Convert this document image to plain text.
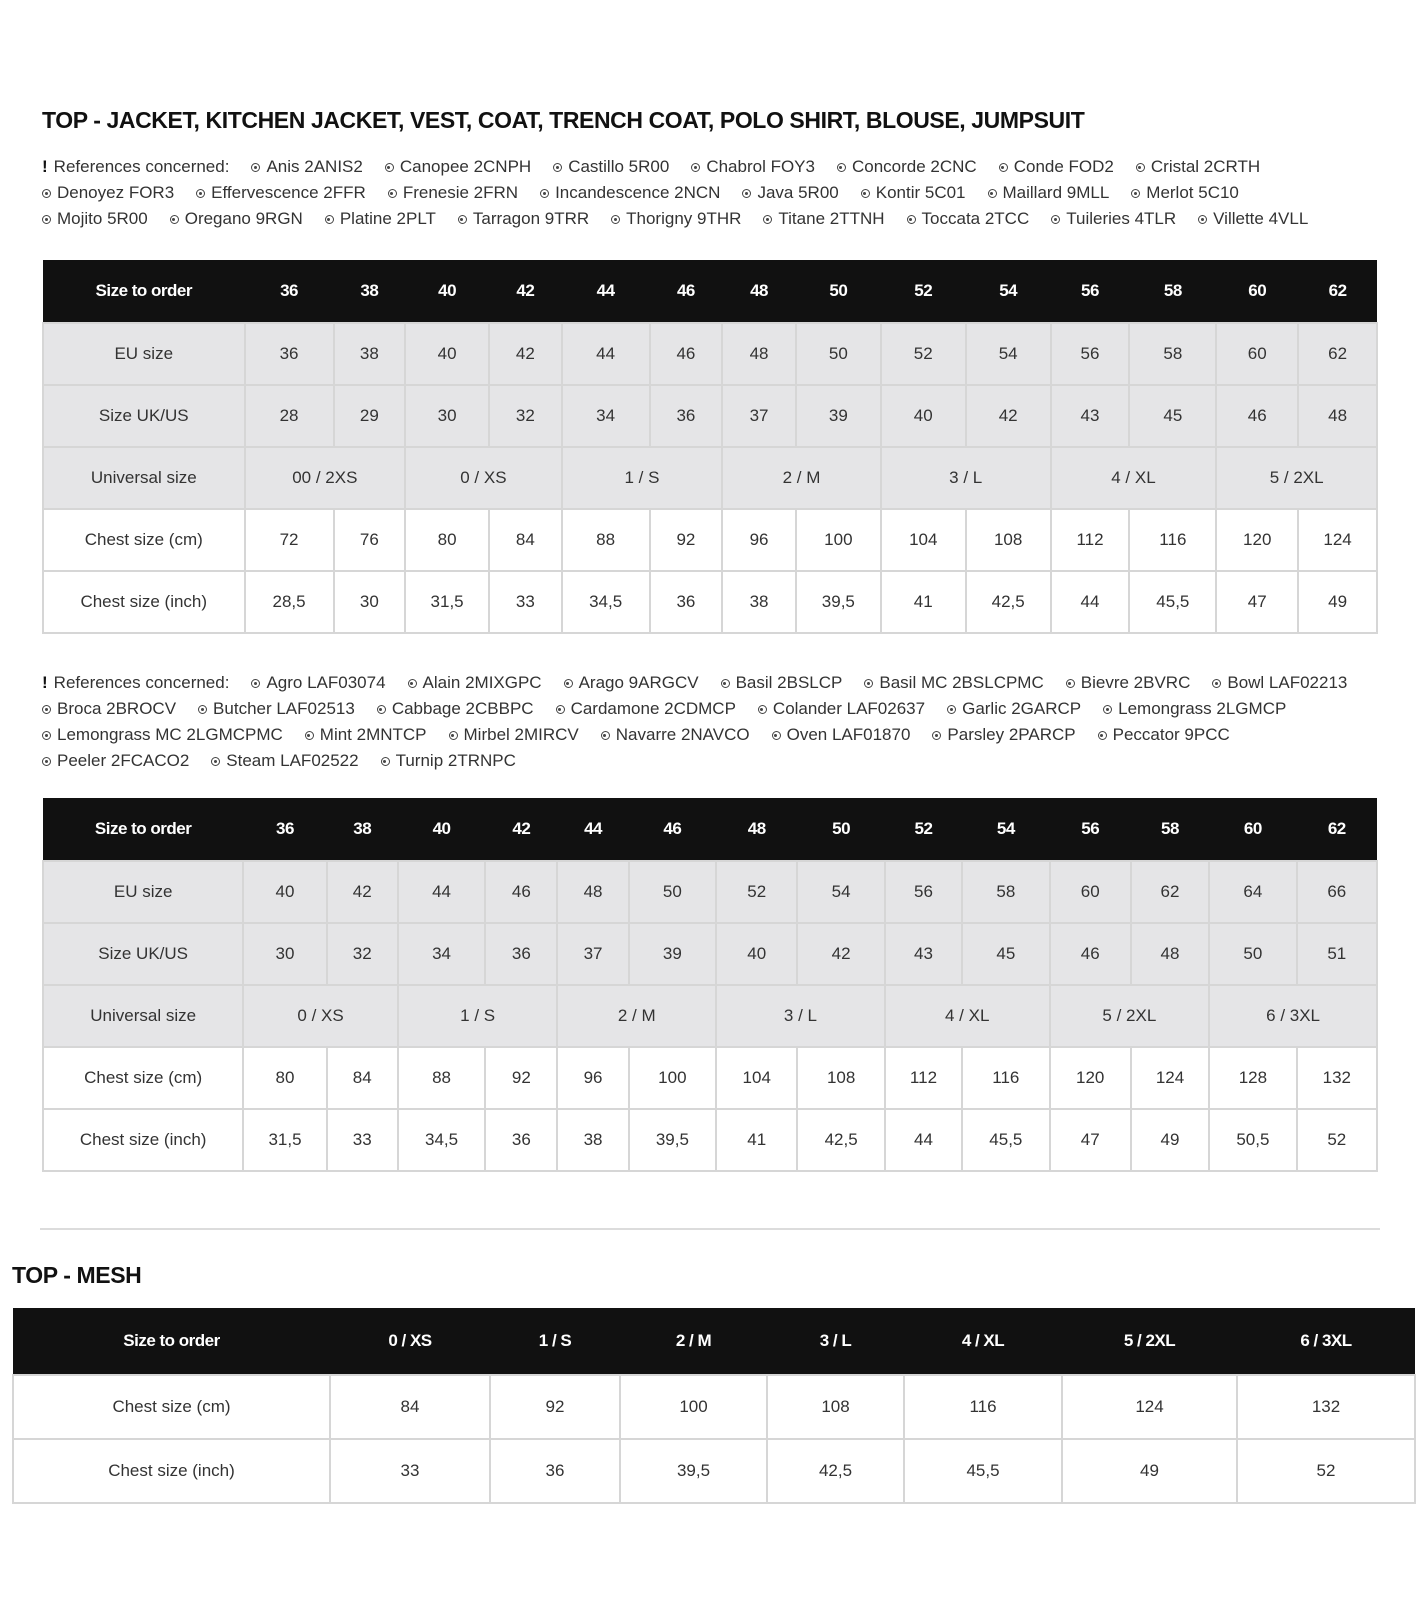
TOP - JACKET, KITCHEN JACKET, VEST, COAT, TRENCH COAT, POLO SHIRT, BLOUSE, JUMPSUIT
! References concerned: Anis 2ANIS2 Canopee 2CNPH Castillo 5R00 Chabrol FOY3 Concorde 2CNC Conde FOD2 Cristal 2CRTHDenoyez FOR3 Effervescence 2FFR Frenesie 2FRN Incandescence 2NCN Java 5R00 Kontir 5C01 Maillard 9MLL Merlot 5C10Mojito 5R00 Oregano 9RGN Platine 2PLT Tarragon 9TRR Thorigny 9THR Titane 2TTNH Toccata 2TCC Tuileries 4TLR Villette 4VLL
Size to order	36	38	40	42	44	46	48	50	52	54	56	58	60	62
EU size	36	38	40	42	44	46	48	50	52	54	56	58	60	62
Size UK/US	28	29	30	32	34	36	37	39	40	42	43	45	46	48
Universal size	00 / 2XS		0 / XS		1 / S		2 / M		3 / L		4 / XL		5 / 2XL	
Chest size (cm)	72	76	80	84	88	92	96	100	104	108	112	116	120	124
Chest size (inch)	28,5	30	31,5	33	34,5	36	38	39,5	41	42,5	44	45,5	47	49
! References concerned: Agro LAF03074 Alain 2MIXGPC Arago 9ARGCV Basil 2BSLCP Basil MC 2BSLCPMC Bievre 2BVRC Bowl LAF02213Broca 2BROCV Butcher LAF02513 Cabbage 2CBBPC Cardamone 2CDMCP Colander LAF02637 Garlic 2GARCP Lemongrass 2LGMCPLemongrass MC 2LGMCPMC Mint 2MNTCP Mirbel 2MIRCV Navarre 2NAVCO Oven LAF01870 Parsley 2PARCP Peccator 9PCCPeeler 2FCACO2 Steam LAF02522 Turnip 2TRNPC
Size to order	36	38	40	42	44	46	48	50	52	54	56	58	60	62
EU size	40	42	44	46	48	50	52	54	56	58	60	62	64	66
Size UK/US	30	32	34	36	37	39	40	42	43	45	46	48	50	51
Universal size	0 / XS		1 / S		2 / M		3 / L		4 / XL		5 / 2XL		6 / 3XL	
Chest size (cm)	80	84	88	92	96	100	104	108	112	116	120	124	128	132
Chest size (inch)	31,5	33	34,5	36	38	39,5	41	42,5	44	45,5	47	49	50,5	52
TOP - MESH
Size to order	0 / XS	1 / S	2 / M	3 / L	4 / XL	5 / 2XL	6 / 3XL
Chest size (cm)	84	92	100	108	116	124	132
Chest size (inch)	33	36	39,5	42,5	45,5	49	52
